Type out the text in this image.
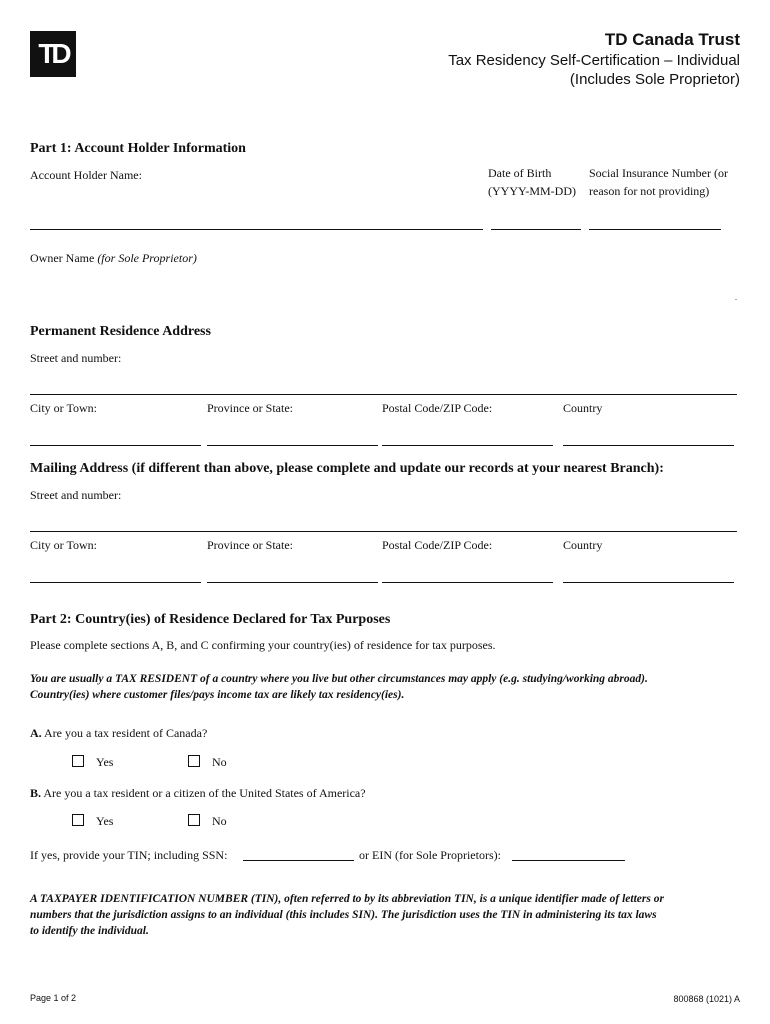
TD	TD Canada Trust
Tax Residency Self-Certification – Individual
(Includes Sole Proprietor)
Part 1: Account Holder Information
Account Holder Name:	Date of Birth
(YYYY-MM-DD)
Social Insurance Number (or
reason for not providing)
Owner Name (for Sole Proprietor)
.
Permanent Residence Address
Street and number:
City or Town:	Province or State:	Postal Code/ZIP Code:	Country
Mailing Address (if different than above, please complete and update our records at your nearest Branch):
Street and number:
City or Town:	Province or State:	Postal Code/ZIP Code:	Country
Part 2: Country(ies) of Residence Declared for Tax Purposes
Please complete sections A, B, and C confirming your country(ies) of residence for tax purposes.
You are usually a TAX RESIDENT of a country where you live but other circumstances may apply (e.g. studying/working abroad).
Country(ies) where customer files/pays income tax are likely tax residency(ies).
A. Are you a tax resident of Canada?
Yes	No
B. Are you a tax resident or a citizen of the United States of America?
Yes	No
If yes, provide your TIN; including SSN:	or EIN (for Sole Proprietors):
A TAXPAYER IDENTIFICATION NUMBER (TIN), often referred to by its abbreviation TIN, is a unique identifier made of letters or
numbers that the jurisdiction assigns to an individual (this includes SIN). The jurisdiction uses the TIN in administering its tax laws
to identify the individual.
Page 1 of 2	800868 (1021) A
